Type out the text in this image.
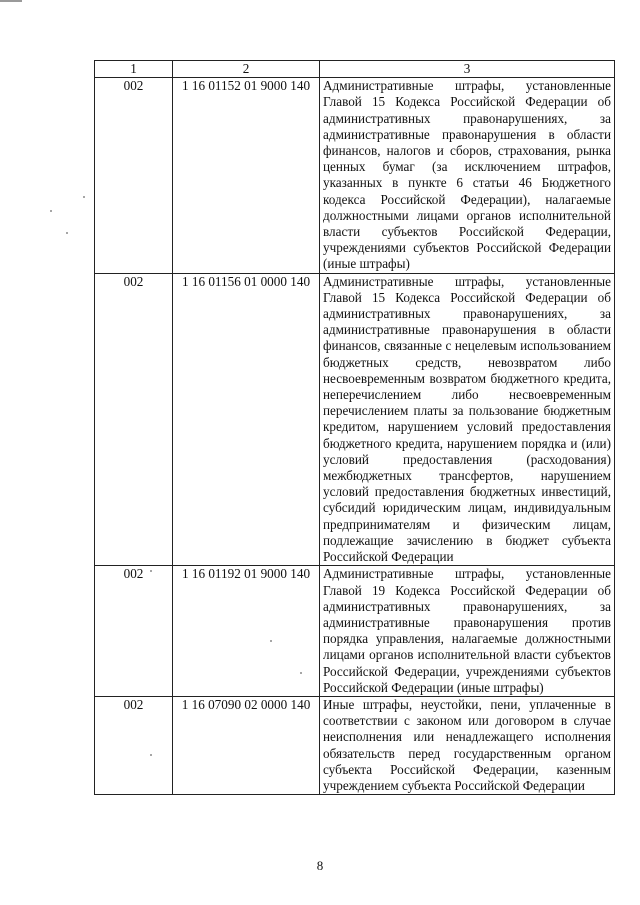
1	2	3
002	1 16 01152 01 9000 140	Административные штрафы, установленные Главой 15 Кодекса Российской Федерации об административных правонарушениях, за административные правонарушения в области финансов, налогов и сборов, страхования, рынка ценных бумаг (за исключением штрафов, указанных в пункте 6 статьи 46 Бюджетного кодекса Российской Федерации), налагаемые должностными лицами органов исполнительной власти субъектов Российской Федерации, учреждениями субъектов Российской Федерации (иные штрафы)
002	1 16 01156 01 0000 140	Административные штрафы, установленные Главой 15 Кодекса Российской Федерации об административных правонарушениях, за административные правонарушения в области финансов, связанные с нецелевым использованием бюджетных средств, невозвратом либо несвоевременным возвратом бюджетного кредита, неперечислением либо несвоевременным перечислением платы за пользование бюджетным кредитом, нарушением условий предоставления бюджетного кредита, нарушением порядка и (или) условий предоставления (расходования) межбюджетных трансфертов, нарушением условий предоставления бюджетных инвестиций, субсидий юридическим лицам, индивидуальным предпринимателям и физическим лицам, подлежащие зачислению в бюджет субъекта Российской Федерации
002	1 16 01192 01 9000 140	Административные штрафы, установленные Главой 19 Кодекса Российской Федерации об административных правонарушениях, за административные правонарушения против порядка управления, налагаемые должностными лицами органов исполнительной власти субъектов Российской Федерации, учреждениями субъектов Российской Федерации (иные штрафы)
002	1 16 07090 02 0000 140	Иные штрафы, неустойки, пени, уплаченные в соответствии с законом или договором в случае неисполнения или ненадлежащего исполнения обязательств перед государственным органом субъекта Российской Федерации, казенным учреждением субъекта Российской Федерации
8
